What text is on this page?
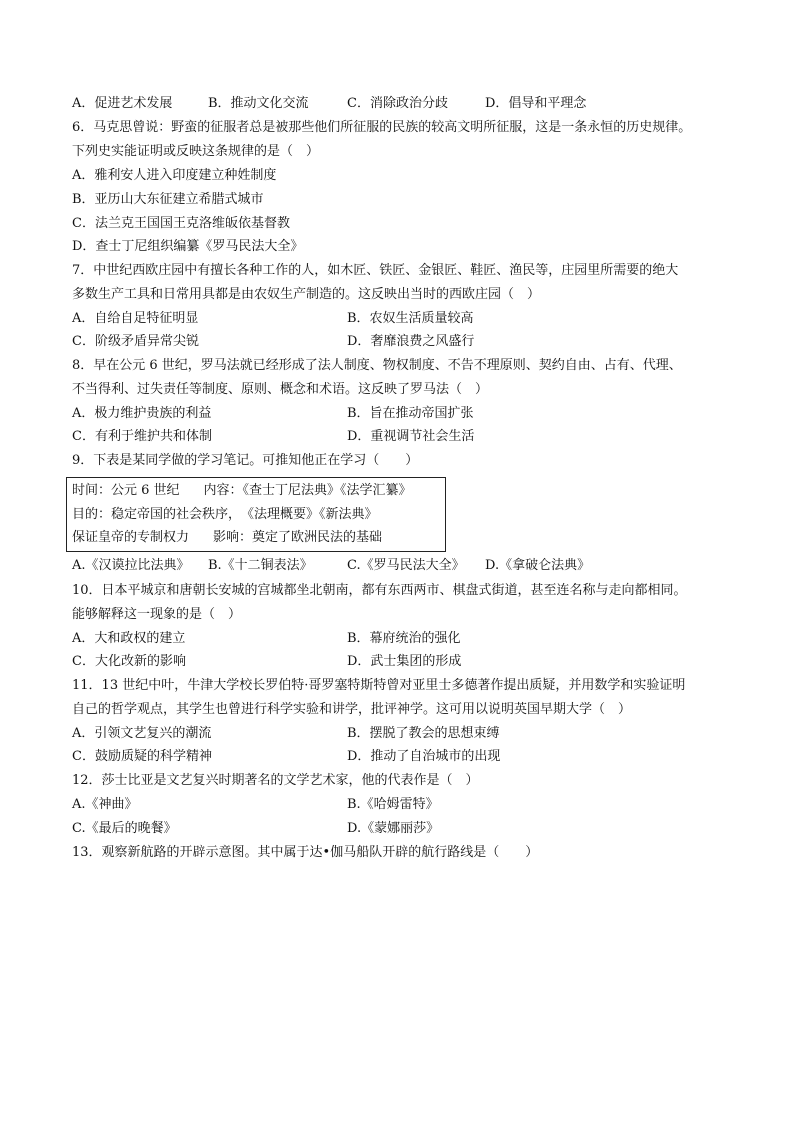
A．促进艺术发展	B．推动文化交流	C．消除政治分歧	D．倡导和平理念
6．马克思曾说：野蛮的征服者总是被那些他们所征服的民族的较高文明所征服，这是一条永恒的历史规律。
下列史实能证明或反映这条规律的是（　）
A．雅利安人进入印度建立种姓制度
B．亚历山大东征建立希腊式城市
C．法兰克王国国王克洛维皈依基督教
D．查士丁尼组织编纂《罗马民法大全》
7．中世纪西欧庄园中有擅长各种工作的人，如木匠、铁匠、金银匠、鞋匠、渔民等，庄园里所需要的绝大
多数生产工具和日常用具都是由农奴生产制造的。这反映出当时的西欧庄园（　）
A．自给自足特征明显	B．农奴生活质量较高
C．阶级矛盾异常尖锐	D．奢靡浪费之风盛行
8．早在公元 6 世纪，罗马法就已经形成了法人制度、物权制度、不告不理原则、契约自由、占有、代理、
不当得利、过失责任等制度、原则、概念和术语。这反映了罗马法（　）
A．极力维护贵族的利益	B．旨在推动帝国扩张
C．有利于维护共和体制	D．重视调节社会生活
9．下表是某同学做的学习笔记。可推知他正在学习（　　）
时间：公元 6 世纪 内容：《查士丁尼法典》《法学汇纂》
目的：稳定帝国的社会秩序，　《法理概要》《新法典》
保证皇帝的专制权力 影响：奠定了欧洲民法的基础
A.《汉谟拉比法典》 B.《十二铜表法》	C.《罗马民法大全》 D.《拿破仑法典》
10．日本平城京和唐朝长安城的宫城都坐北朝南，都有东西两市、棋盘式街道，甚至连名称与走向都相同。
能够解释这一现象的是（　）
A．大和政权的建立	B．幕府统治的强化
C．大化改新的影响	D．武士集团的形成
11．13 世纪中叶，牛津大学校长罗伯特·哥罗塞特斯特曾对亚里士多德著作提出质疑，并用数学和实验证明
自己的哲学观点，其学生也曾进行科学实验和讲学，批评神学。这可用以说明英国早期大学（　）
A．引领文艺复兴的潮流	B．摆脱了教会的思想束缚
C．鼓励质疑的科学精神	D．推动了自治城市的出现
12．莎士比亚是文艺复兴时期著名的文学艺术家，他的代表作是（　）
A.《神曲》	B.《哈姆雷特》
C.《最后的晚餐》	D.《蒙娜丽莎》
13．观察新航路的开辟示意图。其中属于达•伽马船队开辟的航行路线是（　　）
